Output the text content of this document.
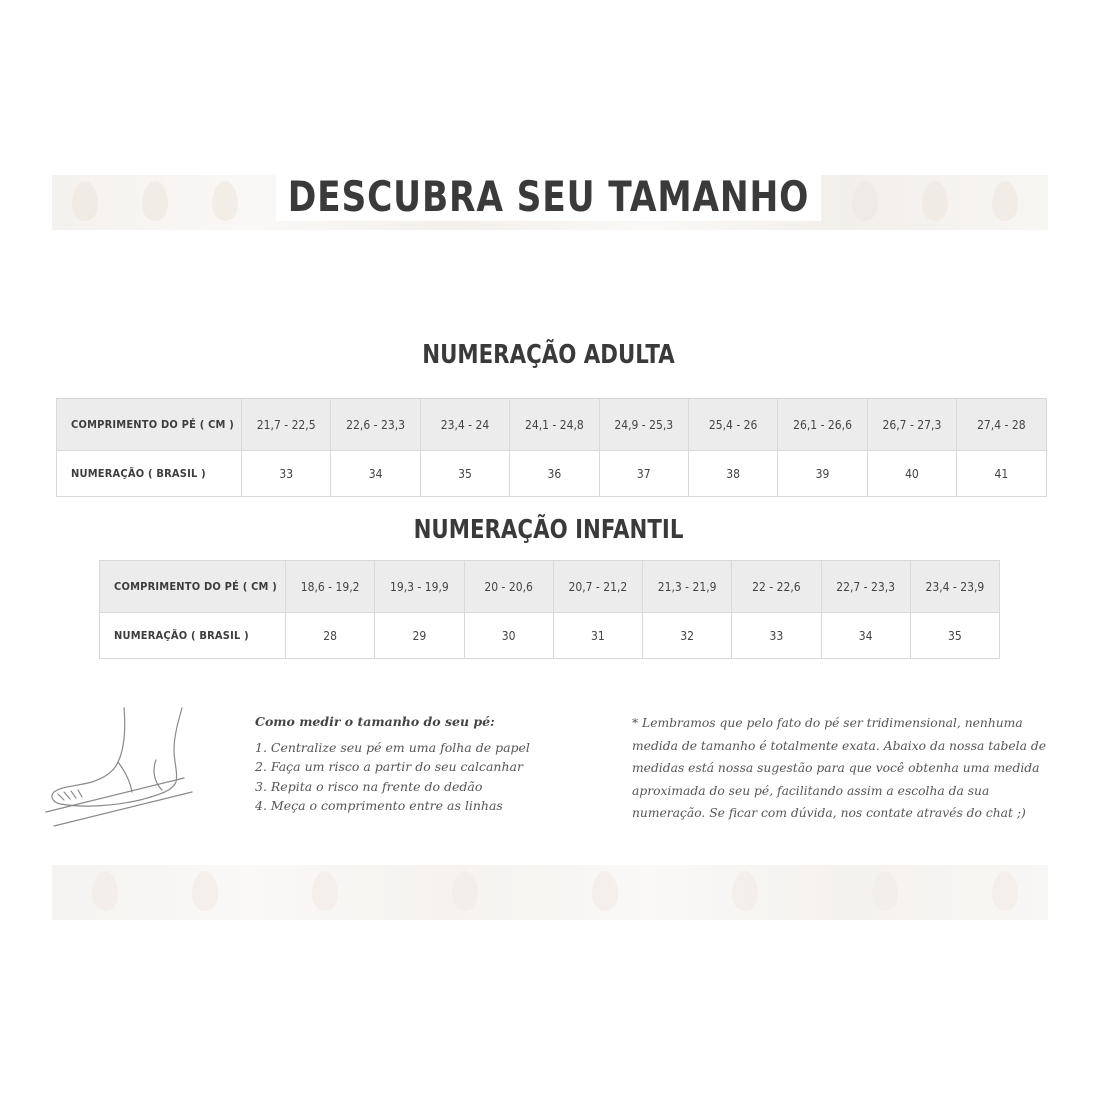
DESCUBRA SEU TAMANHO
NUMERAÇÃO ADULTA
COMPRIMENTO DO PÉ ( CM )	21,7 - 22,5	22,6 - 23,3	23,4 - 24	24,1 - 24,8	24,9 - 25,3	25,4 - 26	26,1 - 26,6	26,7 - 27,3	27,4 - 28
NUMERAÇÃO ( BRASIL )	33	34	35	36	37	38	39	40	41
NUMERAÇÃO INFANTIL
COMPRIMENTO DO PÉ ( CM )	18,6 - 19,2	19,3 - 19,9	20 - 20,6	20,7 - 21,2	21,3 - 21,9	22 - 22,6	22,7 - 23,3	23,4 - 23,9
NUMERAÇÃO ( BRASIL )	28	29	30	31	32	33	34	35
Como medir o tamanho do seu pé:
1. Centralize seu pé em uma folha de papel
2. Faça um risco a partir do seu calcanhar
3. Repita o risco na frente do dedão
4. Meça o comprimento entre as linhas
* Lembramos que pelo fato do pé ser tridimensional, nenhuma medida de tamanho é totalmente exata. Abaixo da nossa tabela de medidas está nossa sugestão para que você obtenha uma medida aproximada do seu pé, facilitando assim a escolha da sua numeração. Se ficar com dúvida, nos contate através do chat ;)
